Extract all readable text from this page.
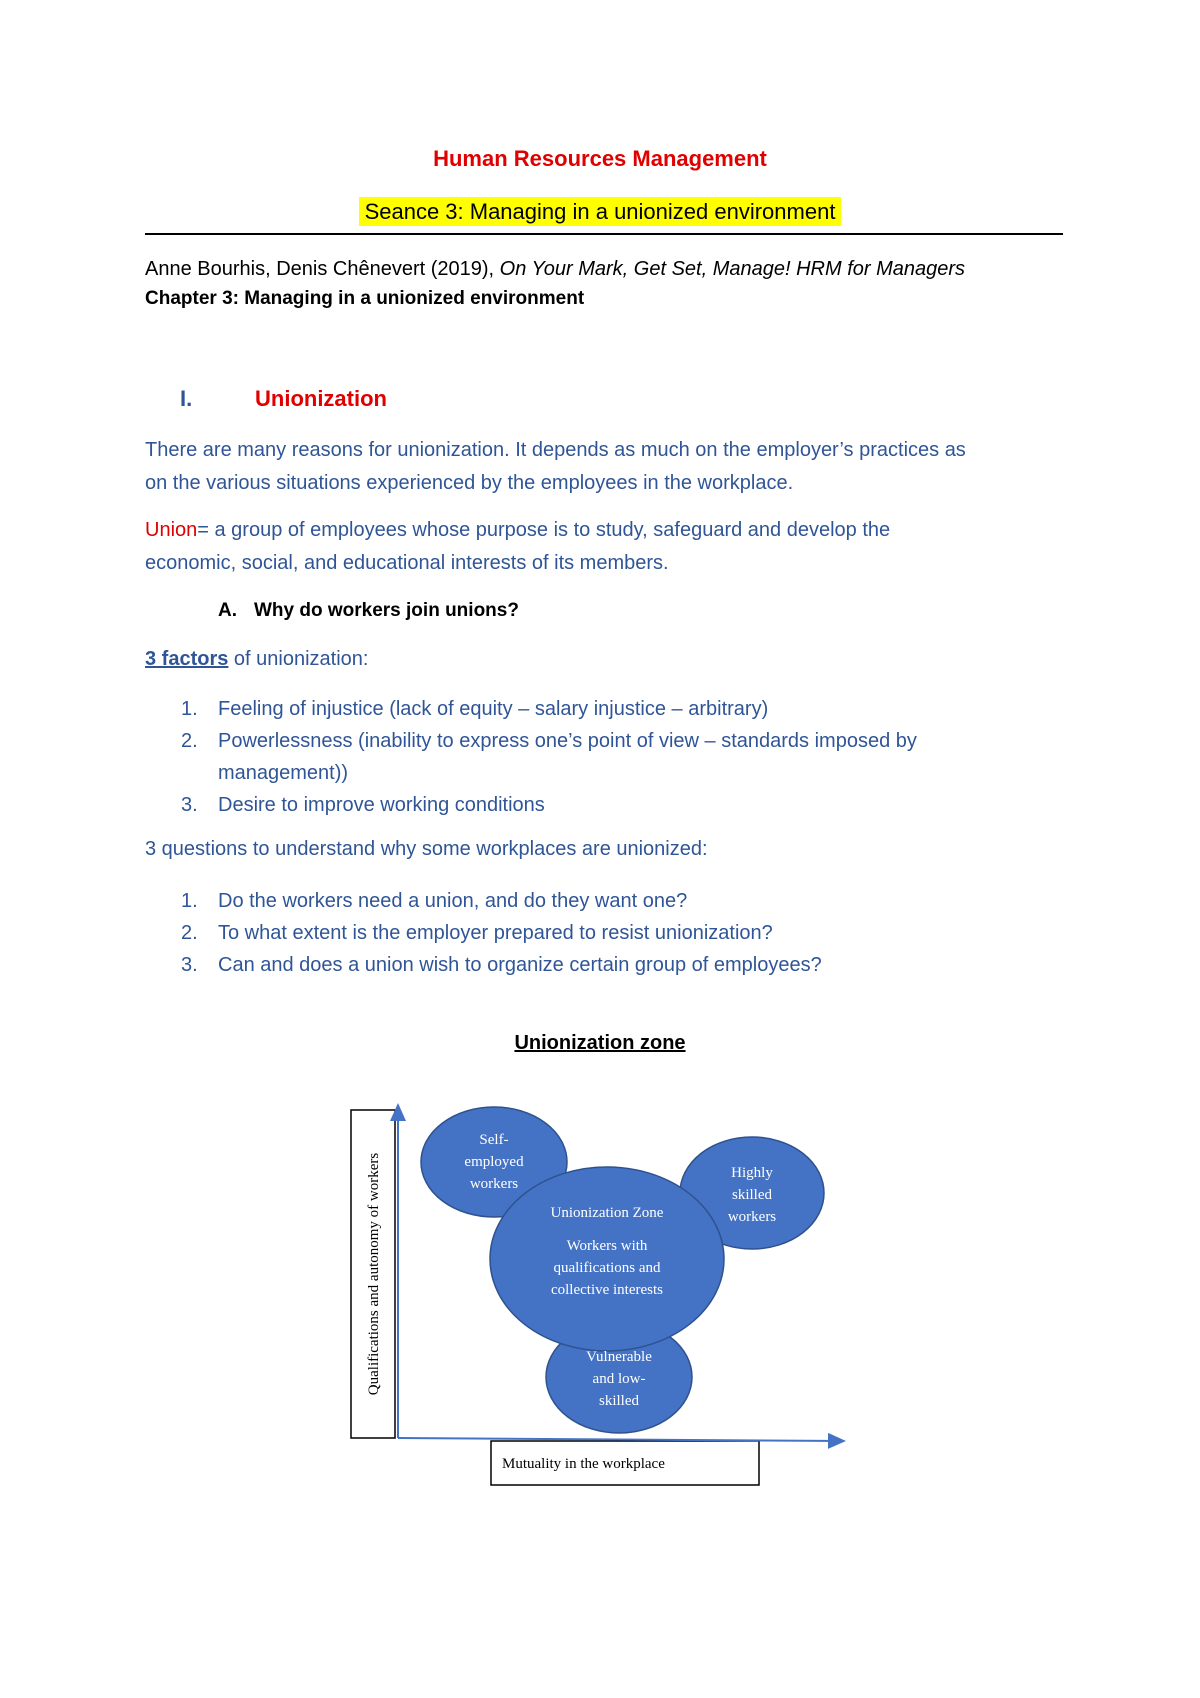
Human Resources Management
Seance 3: Managing in a unionized environment
Anne Bourhis, Denis Chênevert (2019), On Your Mark, Get Set, Manage! HRM for Managers
Chapter 3: Managing in a unionized environment
I.	Unionization
There are many reasons for unionization. It depends as much on the employer’s practices as
on the various situations experienced by the employees in the workplace.
Union= a group of employees whose purpose is to study, safeguard and develop the
economic, social, and educational interests of its members.
A. Why do workers join unions?
3 factors of unionization:
1. Feeling of injustice (lack of equity – salary injustice – arbitrary)
2. Powerlessness (inability to express one’s point of view – standards imposed by
management))
3. Desire to improve working conditions
3 questions to understand why some workplaces are unionized:
1. Do the workers need a union, and do they want one?
2. To what extent is the employer prepared to resist unionization?
3. Can and does a union wish to organize certain group of employees?
Unionization zone
Qualifications and autonomy of workers
Mutuality in the workplace
Self-
employed
workers
Highly
skilled
workers
Unionization Zone
Workers with
qualifications and
collective interests
Vulnerable
and low-
skilled
